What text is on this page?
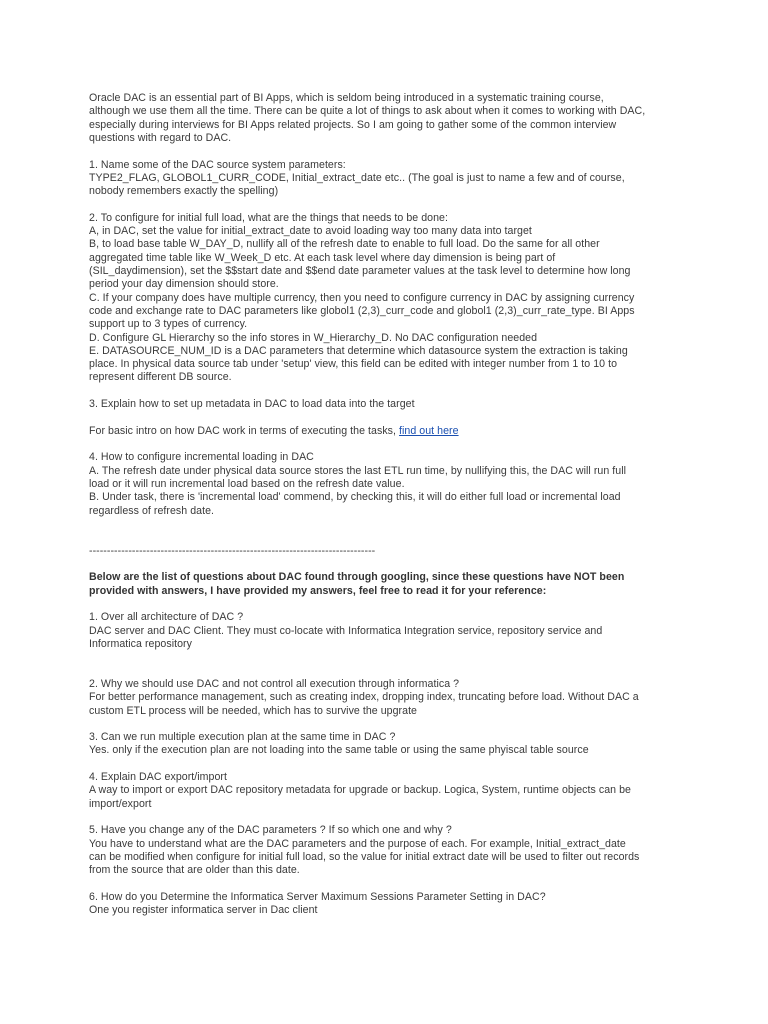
Oracle DAC is an essential part of BI Apps, which is seldom being introduced in a systematic training course,
although we use them all the time. There can be quite a lot of things to ask about when it comes to working with DAC,
especially during interviews for BI Apps related projects. So I am going to gather some of the common interview
questions with regard to DAC.
1. Name some of the DAC source system parameters:
TYPE2_FLAG, GLOBOL1_CURR_CODE, Initial_extract_date etc.. (The goal is just to name a few and of course,
nobody remembers exactly the spelling)
2. To configure for initial full load, what are the things that needs to be done:
A, in DAC, set the value for initial_extract_date to avoid loading way too many data into target
B, to load base table W_DAY_D, nullify all of the refresh date to enable to full load. Do the same for all other
aggregated time table like W_Week_D etc. At each task level where day dimension is being part of
(SIL_daydimension), set the $$start date and $$end date parameter values at the task level to determine how long
period your day dimension should store.
C. If your company does have multiple currency, then you need to configure currency in DAC by assigning currency
code and exchange rate to DAC parameters like globol1 (2,3)_curr_code and globol1 (2,3)_curr_rate_type. BI Apps
support up to 3 types of currency.
D. Configure GL Hierarchy so the info stores in W_Hierarchy_D. No DAC configuration needed
E. DATASOURCE_NUM_ID is a DAC parameters that determine which datasource system the extraction is taking
place. In physical data source tab under 'setup' view, this field can be edited with integer number from 1 to 10 to
represent different DB source.
3. Explain how to set up metadata in DAC to load data into the target
For basic intro on how DAC work in terms of executing the tasks, find out here
4. How to configure incremental loading in DAC
A. The refresh date under physical data source stores the last ETL run time, by nullifying this, the DAC will run full
load or it will run incremental load based on the refresh date value.
B. Under task, there is 'incremental load' commend, by checking this, it will do either full load or incremental load
regardless of refresh date.
--------------------------------------------------------------------------------
Below are the list of questions about DAC found through googling, since these questions have NOT been
provided with answers, I have provided my answers, feel free to read it for your reference:
1. Over all architecture of DAC ?
DAC server and DAC Client. They must co-locate with Informatica Integration service, repository service and
Informatica repository
2. Why we should use DAC and not control all execution through informatica ?
For better performance management, such as creating index, dropping index, truncating before load. Without DAC a
custom ETL process will be needed, which has to survive the upgrate
3. Can we run multiple execution plan at the same time in DAC ?
Yes. only if the execution plan are not loading into the same table or using the same phyiscal table source
4. Explain DAC export/import
A way to import or export DAC repository metadata for upgrade or backup. Logica, System, runtime objects can be
import/export
5. Have you change any of the DAC parameters ? If so which one and why ?
You have to understand what are the DAC parameters and the purpose of each. For example, Initial_extract_date
can be modified when configure for initial full load, so the value for initial extract date will be used to filter out records
from the source that are older than this date.
6. How do you Determine the Informatica Server Maximum Sessions Parameter Setting in DAC?
One you register informatica server in Dac client
